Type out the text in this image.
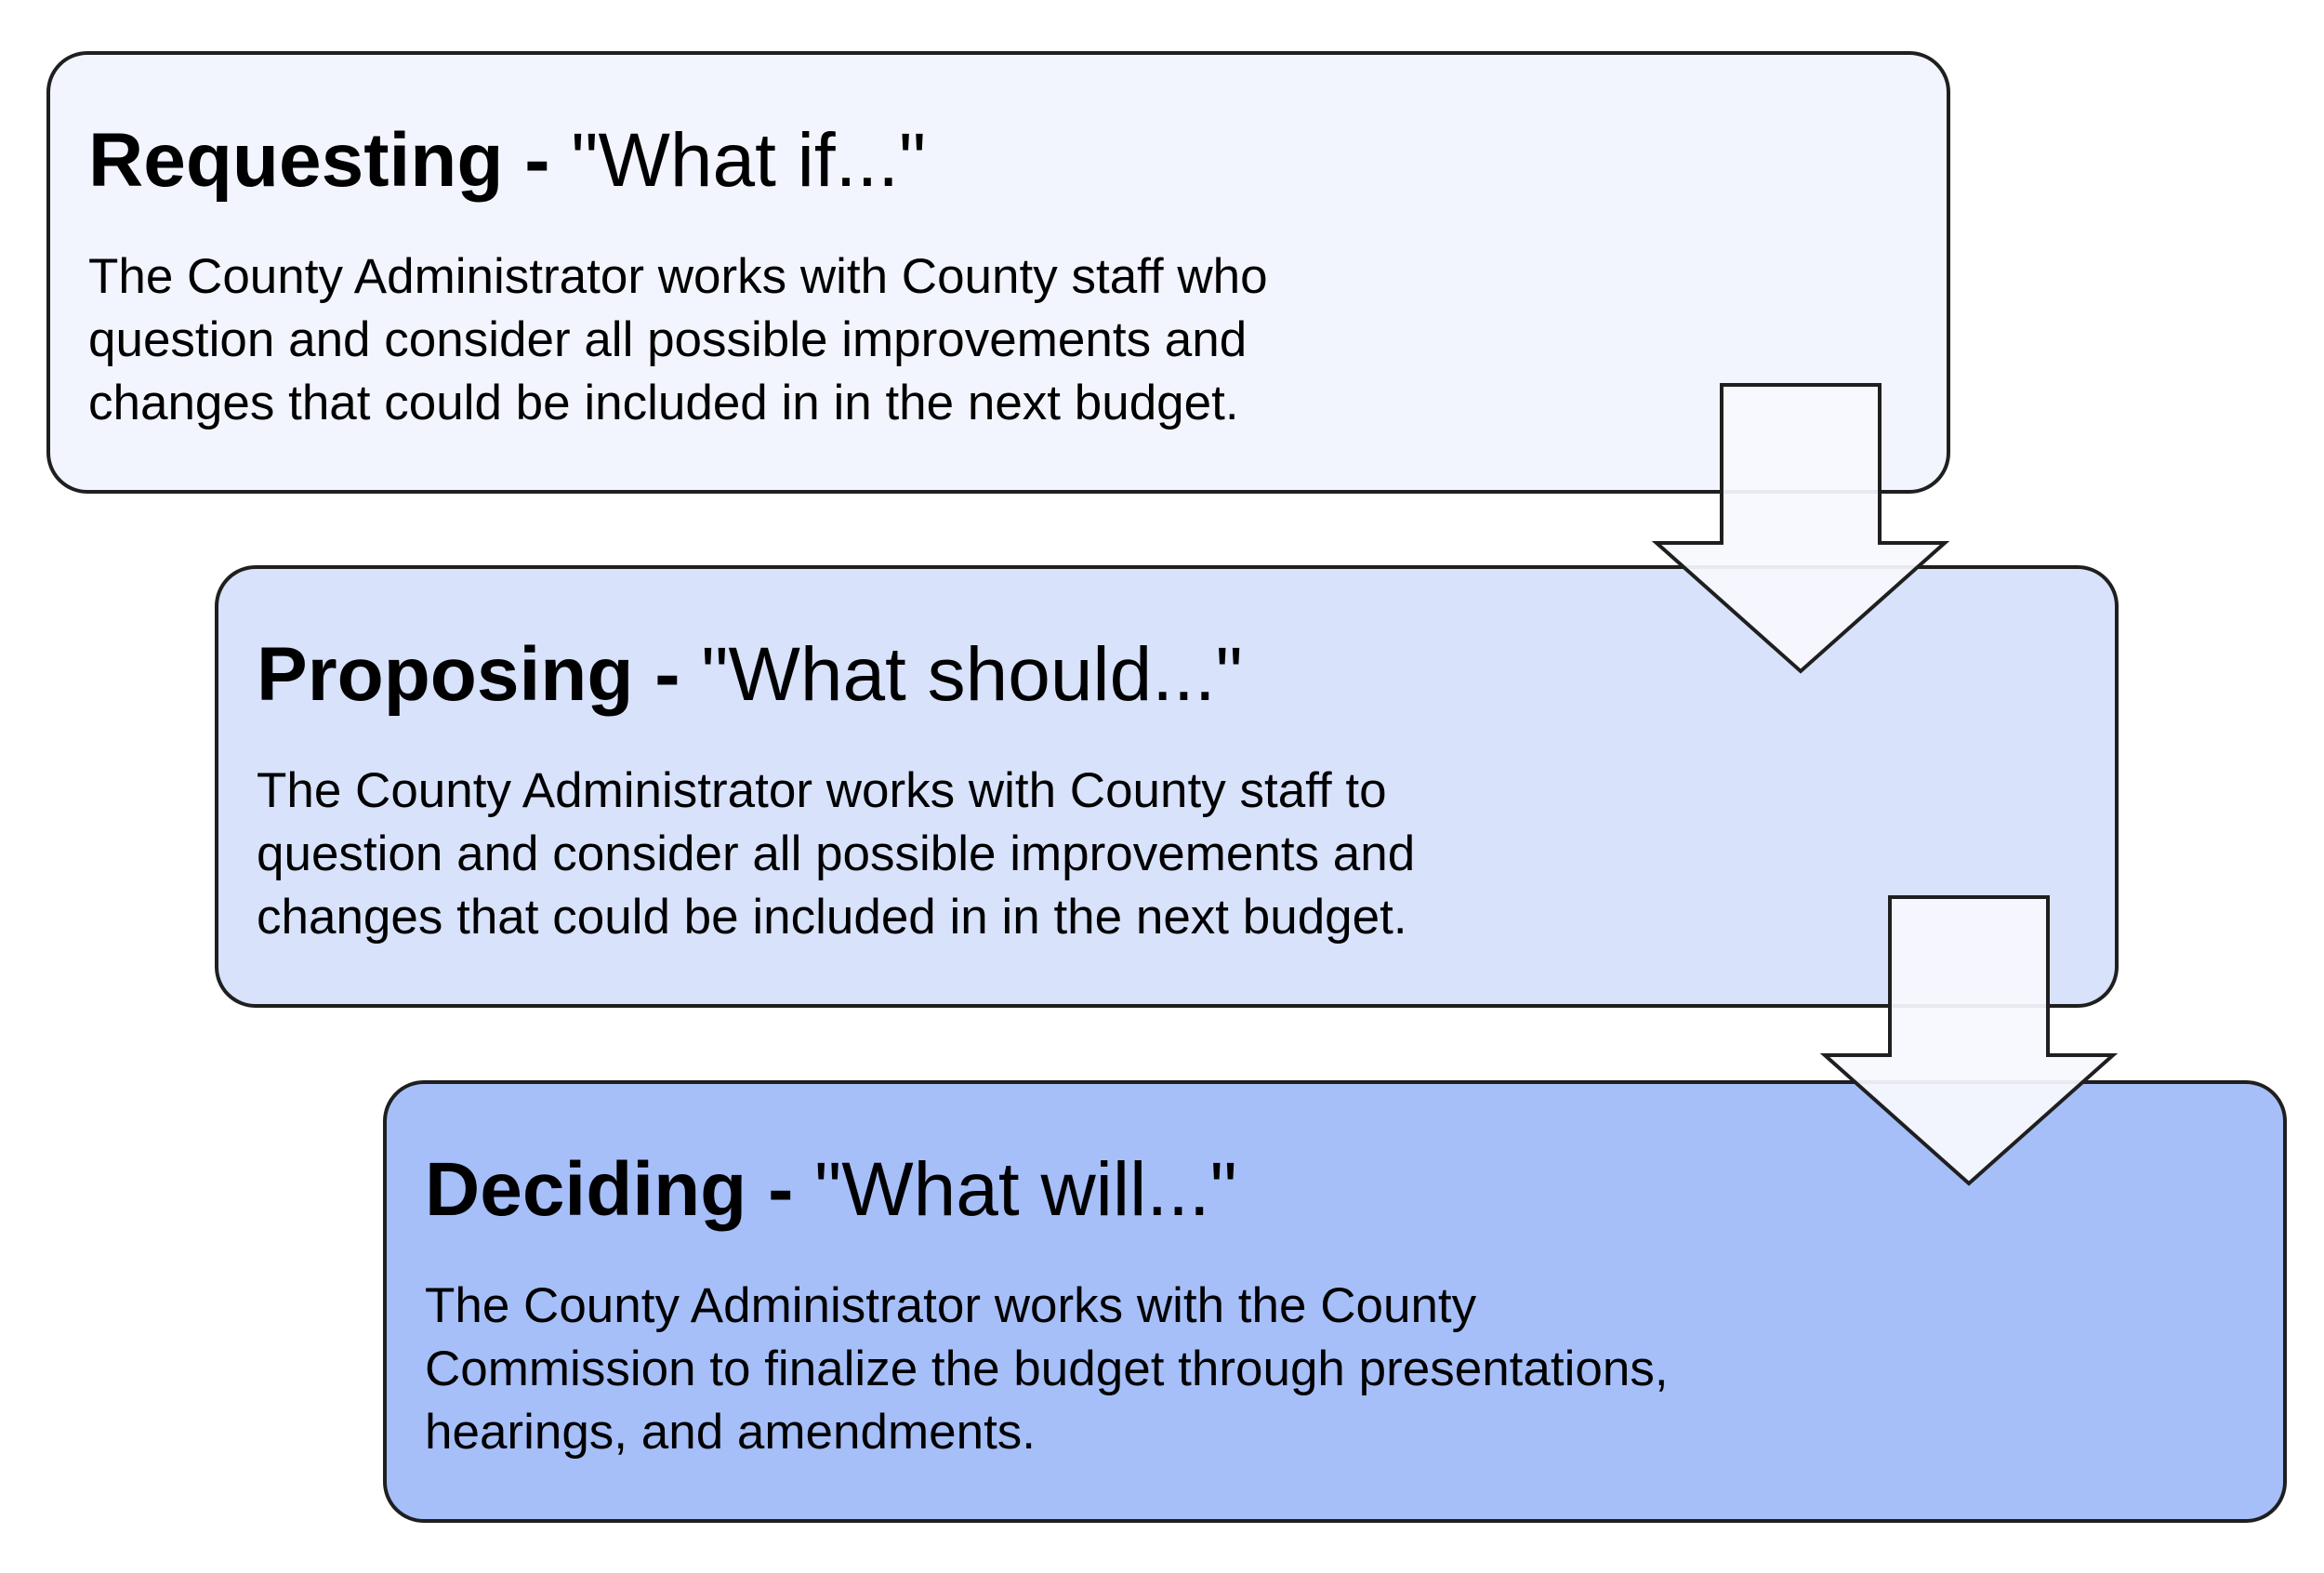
Requesting - "What if..."

The County Administrator works with County staff who
question and consider all possible improvements and
changes that could be included in in the next budget.

Proposing - "What should..."

The County Administrator works with County staff to
question and consider all possible improvements and
changes that could be included in in the next budget.

Deciding - "What will..."

The County Administrator works with the County
Commission to finalize the budget through presentations,
hearings, and amendments.
